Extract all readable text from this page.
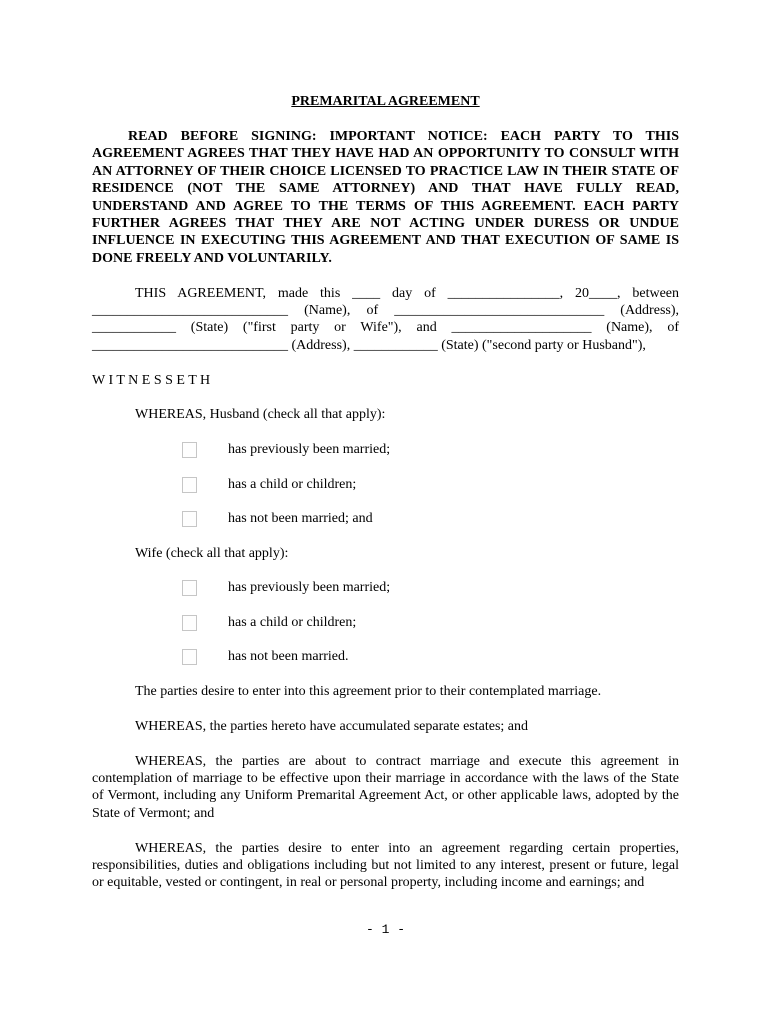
PREMARITAL AGREEMENT

READ BEFORE SIGNING: IMPORTANT NOTICE: EACH PARTY TO THIS AGREEMENT AGREES THAT THEY HAVE HAD AN OPPORTUNITY TO CONSULT WITH AN ATTORNEY OF THEIR CHOICE LICENSED TO PRACTICE LAW IN THEIR STATE OF RESIDENCE (NOT THE SAME ATTORNEY) AND THAT HAVE FULLY READ, UNDERSTAND AND AGREE TO THE TERMS OF THIS AGREEMENT. EACH PARTY FURTHER AGREES THAT THEY ARE NOT ACTING UNDER DURESS OR UNDUE INFLUENCE IN EXECUTING THIS AGREEMENT AND THAT EXECUTION OF SAME IS DONE FREELY AND VOLUNTARILY.

THIS AGREEMENT, made this ____ day of ________________, 20____, between ____________________________ (Name), of ______________________________ (Address), ____________ (State) ("first party or Wife"), and ____________________ (Name), of ____________________________ (Address), ____________ (State) ("second party or Husband"),

W I T N E S S E T H

WHEREAS, Husband (check all that apply):

has previously been married;
has a child or children;
has not been married; and

Wife (check all that apply):

has previously been married;
has a child or children;
has not been married.

The parties desire to enter into this agreement prior to their contemplated marriage.

WHEREAS, the parties hereto have accumulated separate estates; and

WHEREAS, the parties are about to contract marriage and execute this agreement in contemplation of marriage to be effective upon their marriage in accordance with the laws of the State of Vermont, including any Uniform Premarital Agreement Act, or other applicable laws, adopted by the State of Vermont; and

WHEREAS, the parties desire to enter into an agreement regarding certain properties, responsibilities, duties and obligations including but not limited to any interest, present or future, legal or equitable, vested or contingent, in real or personal property, including income and earnings; and

- 1 -
